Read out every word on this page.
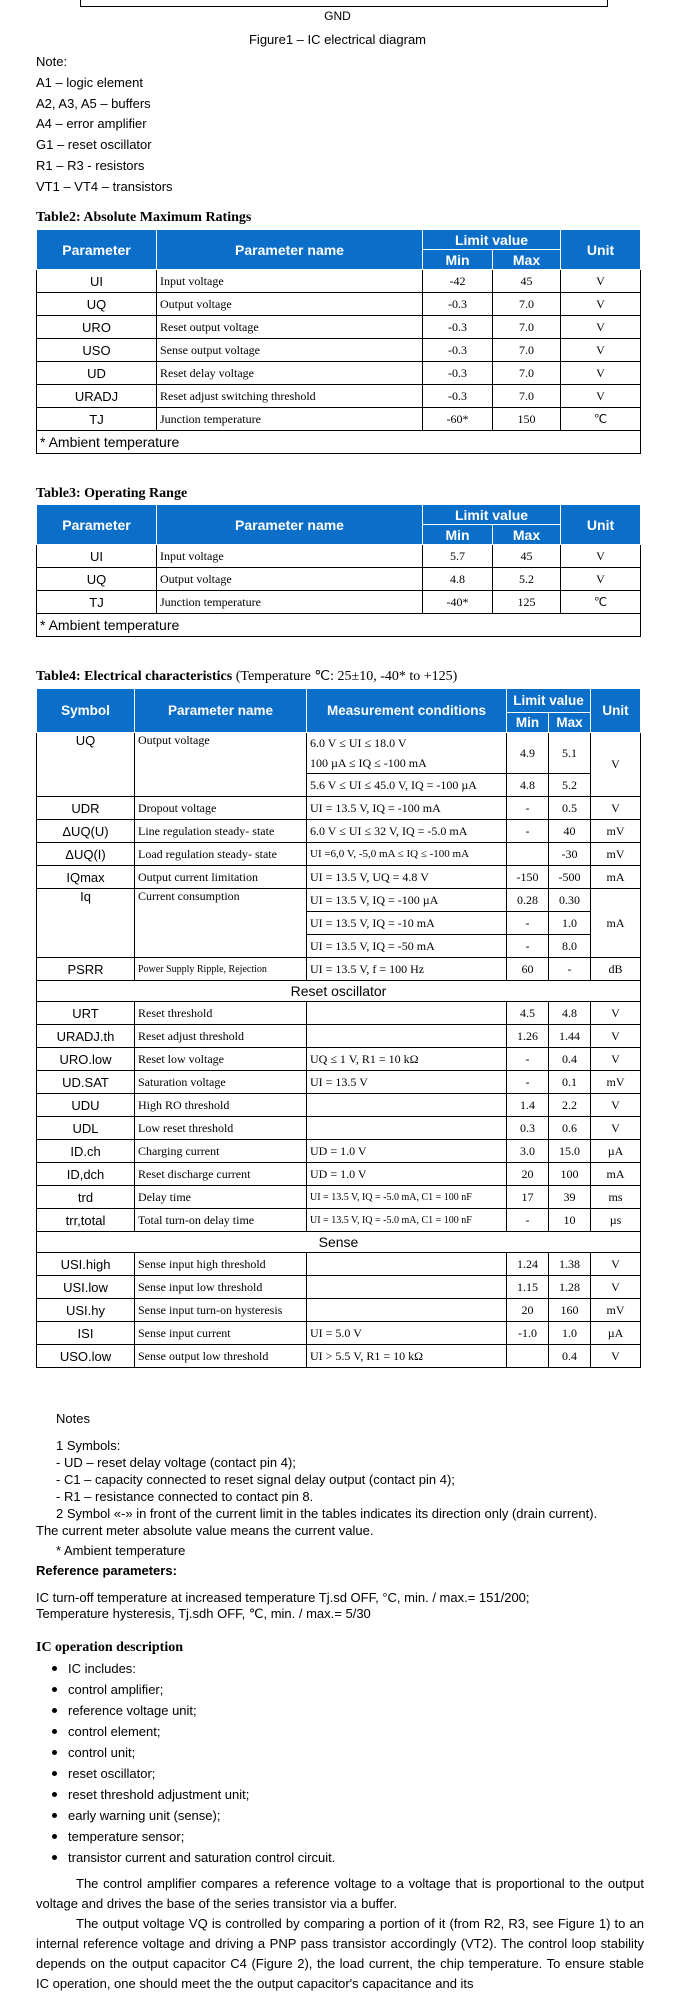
GND
Figure1 – IC electrical diagram
Note:
A1 – logic element
A2, A3, A5 – buffers
A4 – error amplifier
G1 – reset oscillator
R1 – R3 - resistors
VT1 – VT4 – transistors
Table2: Absolute Maximum Ratings
Parameter	Parameter name	Limit value		Unit
		Min	Max	
UI	Input voltage	-42	45	V
UQ	Output voltage	-0.3	7.0	V
URO	Reset output voltage	-0.3	7.0	V
USO	Sense output voltage	-0.3	7.0	V
UD	Reset delay voltage	-0.3	7.0	V
URADJ	Reset adjust switching threshold	-0.3	7.0	V
TJ	Junction temperature	-60*	150	℃
* Ambient temperature				
Table3: Operating Range
Parameter	Parameter name	Limit value		Unit
		Min	Max	
UI	Input voltage	5.7	45	V
UQ	Output voltage	4.8	5.2	V
TJ	Junction temperature	-40*	125	℃
* Ambient temperature				
Table4: Electrical characteristics (Temperature ℃: 25±10, -40* to +125)
Symbol	Parameter name	Measurement conditions	Limit value		Unit
			Min	Max	
UQ	Output voltage	6.0 V ≤ UI ≤ 18.0 V	4.9	5.1	V
		100 µA ≤ IQ ≤ -100 mA			
		5.6 V ≤ UI ≤ 45.0 V, IQ = -100 µA	4.8	5.2	
UDR	Dropout voltage	UI = 13.5 V, IQ = -100 mA	-	0.5	V
ΔUQ(U)	Line regulation steady- state	6.0 V ≤ UI ≤ 32 V, IQ = -5.0 mA	-	40	mV
ΔUQ(I)	Load regulation steady- state	UI =6,0 V, -5,0 mA ≤ IQ ≤ -100 mA		-30	mV
IQmax	Output current limitation	UI = 13.5 V, UQ = 4.8 V	-150	-500	mA
Iq	Current consumption	UI = 13.5 V, IQ = -100 µA	0.28	0.30	mA
		UI = 13.5 V, IQ = -10 mA	-	1.0	
		UI = 13.5 V, IQ = -50 mA	-	8.0	
PSRR	Power Supply Ripple, Rejection	UI = 13.5 V, f = 100 Hz	60	-	dB
Reset oscillator					
URT	Reset threshold		4.5	4.8	V
URADJ.th	Reset adjust threshold		1.26	1.44	V
URO.low	Reset low voltage	UQ ≤ 1 V, R1 = 10 kΩ	-	0.4	V
UD.SAT	Saturation voltage	UI = 13.5 V	-	0.1	mV
UDU	High RO threshold		1.4	2.2	V
UDL	Low reset threshold		0.3	0.6	V
ID.ch	Charging current	UD = 1.0 V	3.0	15.0	µA
ID,dch	Reset discharge current	UD = 1.0 V	20	100	mA
trd	Delay time	UI = 13.5 V, IQ = -5.0 mA, C1 = 100 nF	17	39	ms
trr,total	Total turn-on delay time	UI = 13.5 V, IQ = -5.0 mA, C1 = 100 nF	-	10	µs
Sense					
USI.high	Sense input high threshold		1.24	1.38	V
USI.low	Sense input low threshold		1.15	1.28	V
USI.hy	Sense input turn-on hysteresis		20	160	mV
ISI	Sense input current	UI = 5.0 V	-1.0	1.0	µA
USO.low	Sense output low threshold	UI > 5.5 V, R1 = 10 kΩ		0.4	V
Notes
1 Symbols:
- UD – reset delay voltage (contact pin 4);
- C1 – capacity connected to reset signal delay output (contact pin 4);
- R1 – resistance connected to contact pin 8.
2 Symbol «-» in front of the current limit in the tables indicates its direction only (drain current).
The current meter absolute value means the current value.
* Ambient temperature
Reference parameters:
IC turn-off temperature at increased temperature Tj.sd OFF, °C, min. / max.= 151/200;
Temperature hysteresis, Tj.sdh OFF, ℃, min. / max.= 5/30
IC operation description
IC includes:
control amplifier;
reference voltage unit;
control element;
control unit;
reset oscillator;
reset threshold adjustment unit;
early warning unit (sense);
temperature sensor;
transistor current and saturation control circuit.
The control amplifier compares a reference voltage to a voltage that is proportional to the output voltage and drives the base of the series transistor via a buffer.
The output voltage VQ is controlled by comparing a portion of it (from R2, R3, see Figure 1) to an internal reference voltage and driving a PNP pass transistor accordingly (VT2). The control loop stability depends on the output capacitor C4 (Figure 2), the load current, the chip temperature. To ensure stable IC operation, one should meet the the output capacitor's capacitance and its
